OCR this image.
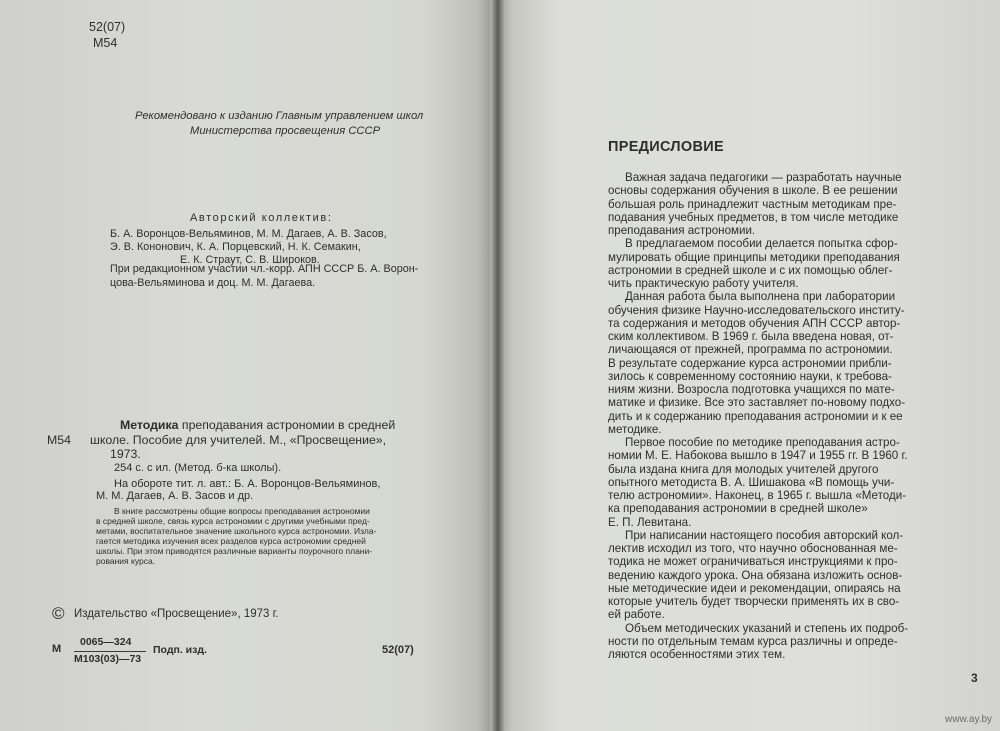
52(07)
M54
Рекомендовано к изданию Главным управлением школ
Министерства просвещения СССР
Авторский коллектив:
Б. А. Воронцов-Вельяминов, М. М. Дагаев, А. В. Засов,
Э. В. Кононович, К. А. Порцевский, Н. К. Семакин,
Е. К. Страут, С. В. Широков.
При редакционном участии чл.-корр. АПН СССР Б. А. Ворон-
цова-Вельяминова и доц. М. М. Дагаева.
Методика преподавания астрономии в средней
М54 школе. Пособие для учителей. М., «Просвещение»,
1973.
254 с. с ил. (Метод. б-ка школы).
На обороте тит. л. авт.: Б. А. Воронцов-Вельяминов,
М. М. Дагаев, А. В. Засов и др.
В книге рассмотрены общие вопросы преподавания астрономии
в средней школе, связь курса астрономии с другими учебными пред-
метами, воспитательное значение школьного курса астрономии. Изла-
гается методика изучения всех разделов курса астрономии средней
школы. При этом приводятся различные варианты поурочного плани-
рования курса.
© Издательство «Просвещение», 1973 г.
М
0065—324
М103(03)—73
Подп. изд.	52(07)
ПРЕДИСЛОВИЕ
Важная задача педагогики — разработать научные
основы содержания обучения в школе. В ее решении
большая роль принадлежит частным методикам пре-
подавания учебных предметов, в том числе методике
преподавания астрономии.
В предлагаемом пособии делается попытка сфор-
мулировать общие принципы методики преподавания
астрономии в средней школе и с их помощью облег-
чить практическую работу учителя.
Данная работа была выполнена при лаборатории
обучения физике Научно-исследовательского институ-
та содержания и методов обучения АПН СССР автор-
ским коллективом. В 1969 г. была введена новая, от-
личающаяся от прежней, программа по астрономии.
В результате содержание курса астрономии прибли-
зилось к современному состоянию науки, к требова-
ниям жизни. Возросла подготовка учащихся по мате-
матике и физике. Все это заставляет по-новому подхо-
дить и к содержанию преподавания астрономии и к ее
методике.
Первое пособие по методике преподавания астро-
номии М. Е. Набокова вышло в 1947 и 1955 гг. В 1960 г.
была издана книга для молодых учителей другого
опытного методиста В. А. Шишакова «В помощь учи-
телю астрономии». Наконец, в 1965 г. вышла «Методи-
ка преподавания астрономии в средней школе»
Е. П. Левитана.
При написании настоящего пособия авторский кол-
лектив исходил из того, что научно обоснованная ме-
тодика не может ограничиваться инструкциями к про-
ведению каждого урока. Она обязана изложить основ-
ные методические идеи и рекомендации, опираясь на
которые учитель будет творчески применять их в сво-
ей работе.
Объем методических указаний и степень их подроб-
ности по отдельным темам курса различны и опреде-
ляются особенностями этих тем.
3
www.ay.by
